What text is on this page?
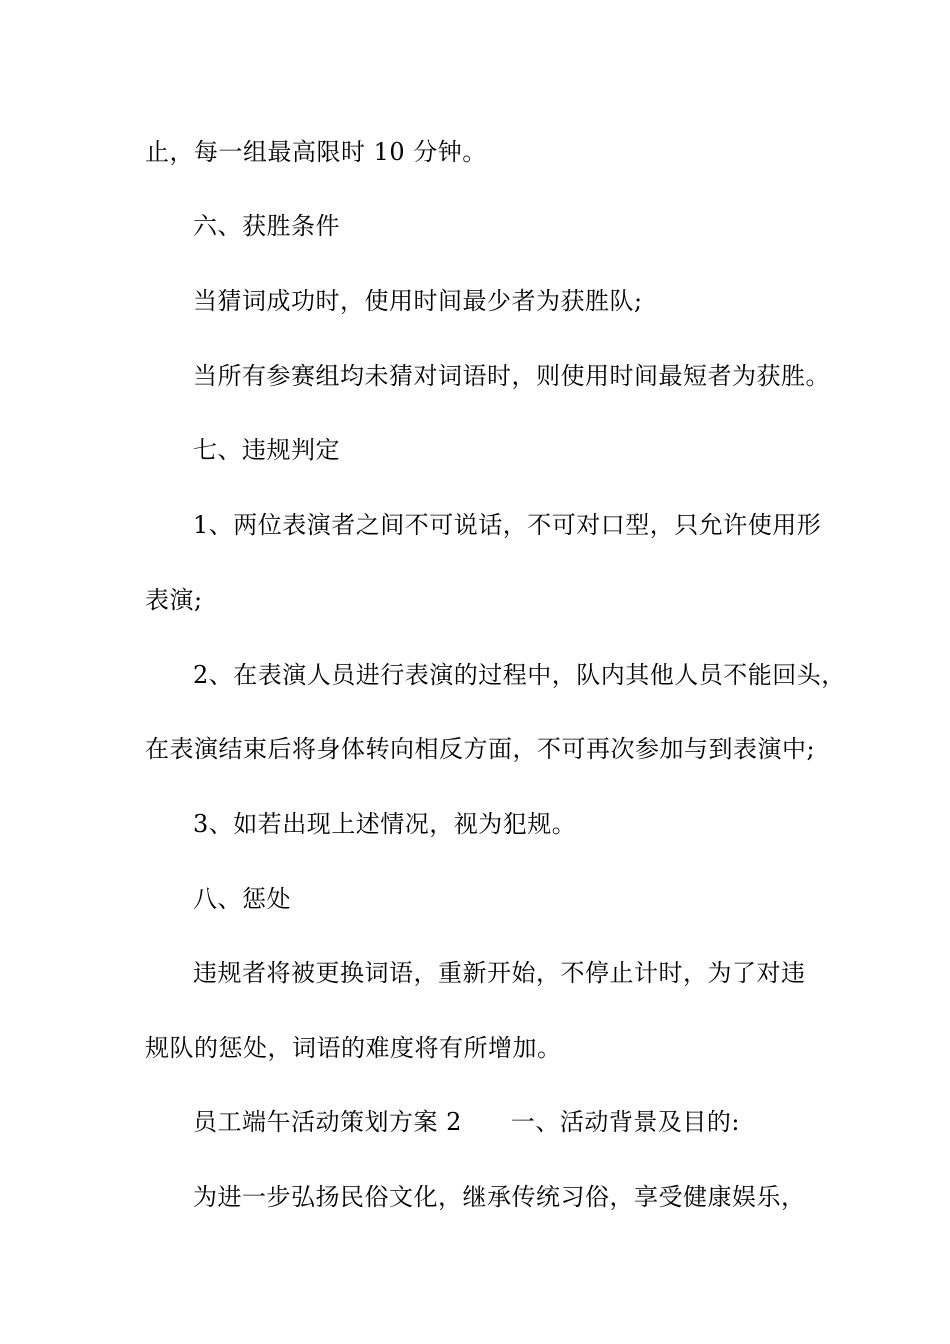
止，每一组最高限时 10 分钟。
六、获胜条件
当猜词成功时，使用时间最少者为获胜队;
当所有参赛组均未猜对词语时，则使用时间最短者为获胜。
七、违规判定
1、两位表演者之间不可说话，不可对口型，只允许使用形
表演;
2、在表演人员进行表演的过程中，队内其他人员不能回头，
在表演结束后将身体转向相反方面，不可再次参加与到表演中;
3、如若出现上述情况，视为犯规。
八、惩处
违规者将被更换词语，重新开始，不停止计时，为了对违
规队的惩处，词语的难度将有所增加。
员工端午活动策划方案 2　　一、活动背景及目的:
为进一步弘扬民俗文化，继承传统习俗，享受健康娱乐，
